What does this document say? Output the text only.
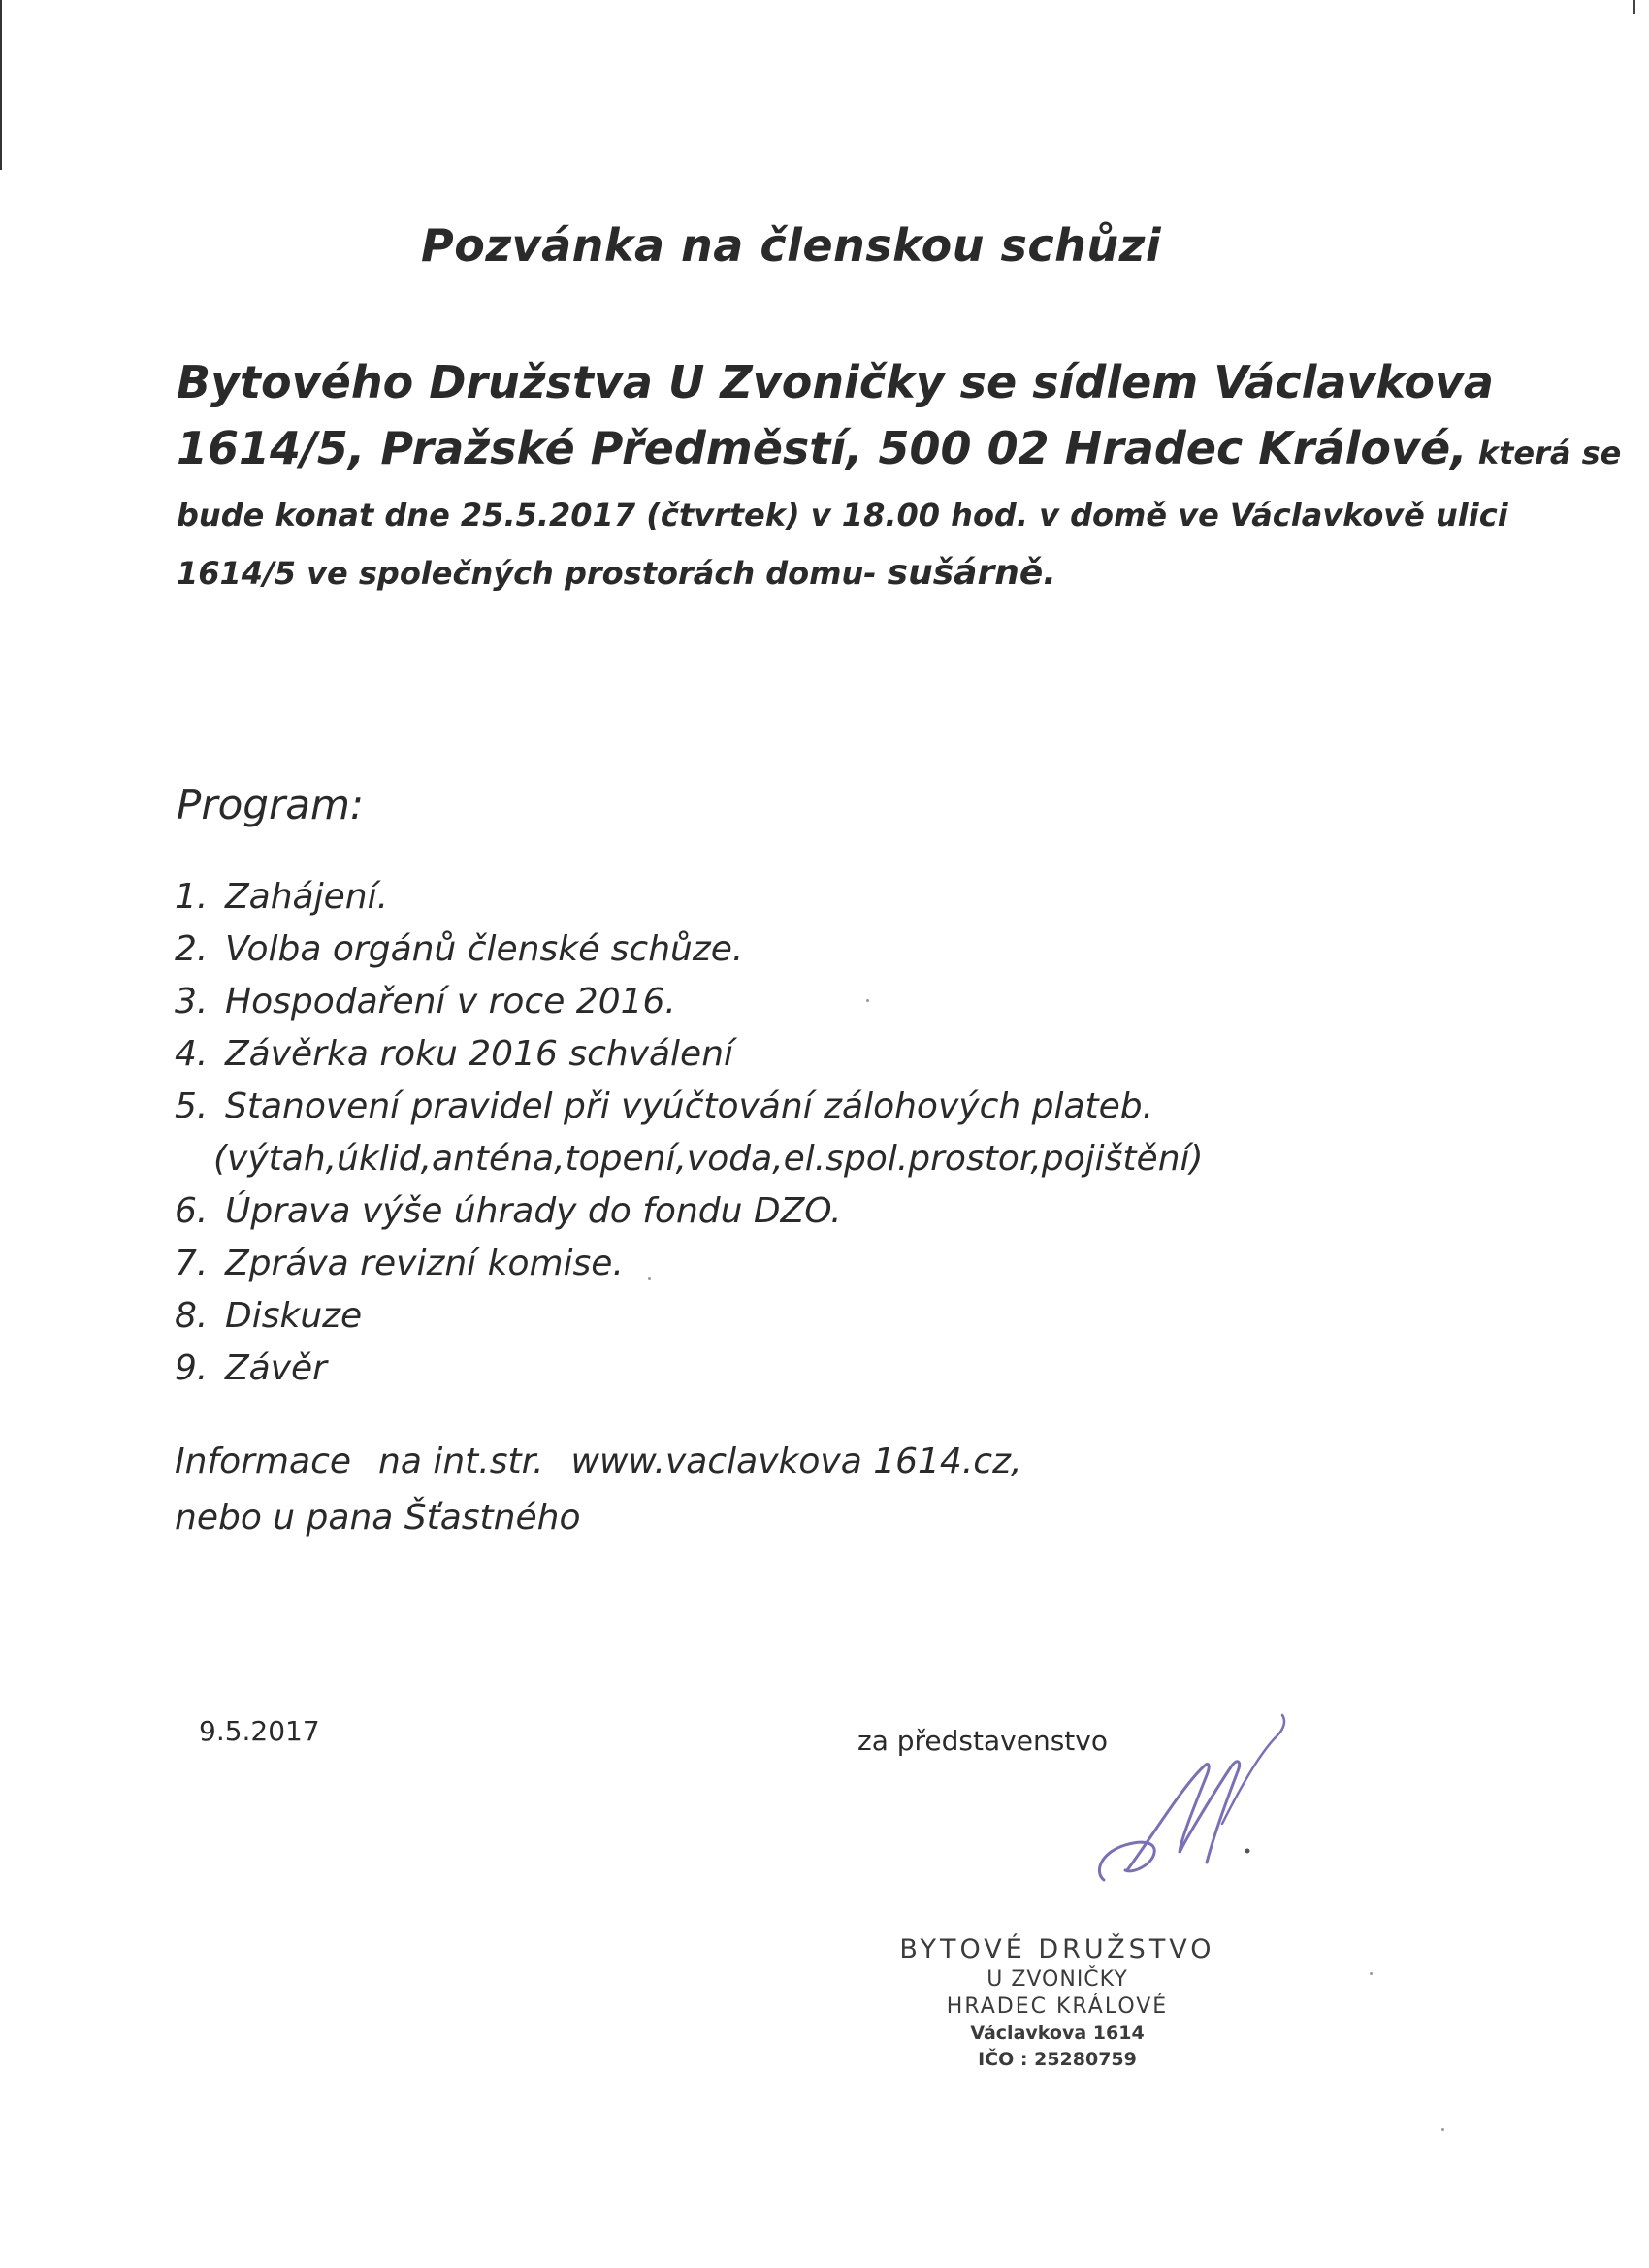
Pozvánka na členskou schůzi
Bytového Družstva U Zvoničky se sídlem Václavkova
1614/5, Pražské Předměstí, 500 02 Hradec Králové, která se
bude konat dne 25.5.2017 (čtvrtek) v 18.00 hod. v domě ve Václavkově ulici
1614/5 ve společných prostorách domu- sušárně.
Program:
1. Zahájení.
2. Volba orgánů členské schůze.
3. Hospodaření v roce 2016.
4. Závěrka roku 2016 schválení
5. Stanovení pravidel při vyúčtování zálohových plateb.
(výtah,úklid,anténa,topení,voda,el.spol.prostor,pojištění)
6. Úprava výše úhrady do fondu DZO.
7. Zpráva revizní komise.
8. Diskuze
9. Závěr
Informace na int.str. www.vaclavkova 1614.cz,
nebo u pana Šťastného
9.5.2017	za představenstvo
BYTOVÉ DRUŽSTVO
U ZVONIČKY
HRADEC KRÁLOVÉ
Václavkova 1614
IČO : 25280759
